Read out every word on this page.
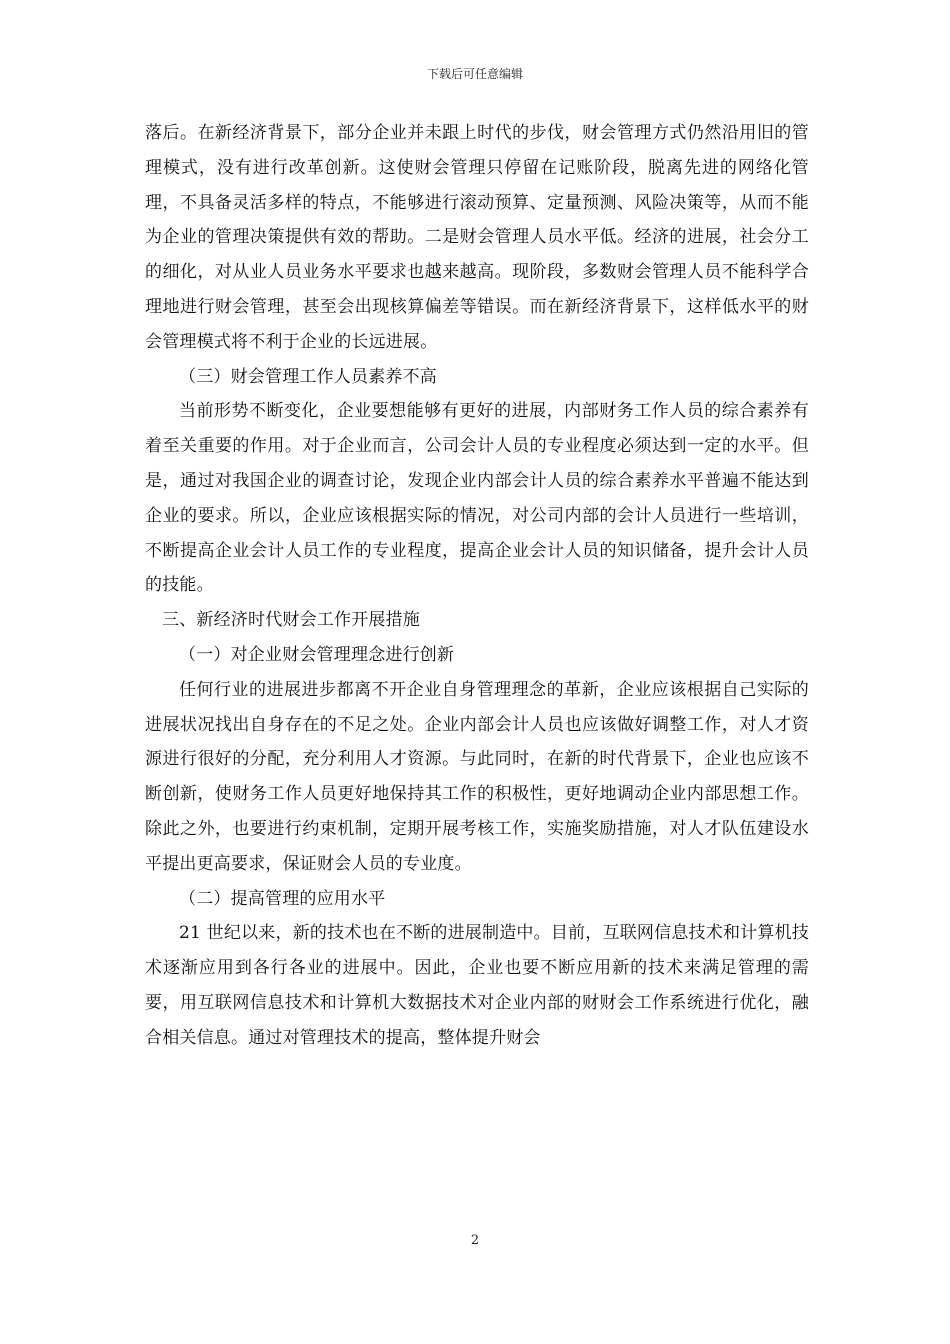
下载后可任意编辑

落后。在新经济背景下，部分企业并未跟上时代的步伐，财会管理方式仍然沿用旧的管理模式，没有进行改革创新。这使财会管理只停留在记账阶段，脱离先进的网络化管理，不具备灵活多样的特点，不能够进行滚动预算、定量预测、风险决策等，从而不能为企业的管理决策提供有效的帮助。二是财会管理人员水平低。经济的进展，社会分工的细化，对从业人员业务水平要求也越来越高。现阶段，多数财会管理人员不能科学合理地进行财会管理，甚至会出现核算偏差等错误。而在新经济背景下，这样低水平的财会管理模式将不利于企业的长远进展。

（三）财会管理工作人员素养不高

当前形势不断变化，企业要想能够有更好的进展，内部财务工作人员的综合素养有着至关重要的作用。对于企业而言，公司会计人员的专业程度必须达到一定的水平。但是，通过对我国企业的调查讨论，发现企业内部会计人员的综合素养水平普遍不能达到企业的要求。所以，企业应该根据实际的情况，对公司内部的会计人员进行一些培训，不断提高企业会计人员工作的专业程度，提高企业会计人员的知识储备，提升会计人员的技能。

三、新经济时代财会工作开展措施

（一）对企业财会管理理念进行创新

任何行业的进展进步都离不开企业自身管理理念的革新，企业应该根据自己实际的进展状况找出自身存在的不足之处。企业内部会计人员也应该做好调整工作，对人才资源进行很好的分配，充分利用人才资源。与此同时，在新的时代背景下，企业也应该不断创新，使财务工作人员更好地保持其工作的积极性，更好地调动企业内部思想工作。除此之外，也要进行约束机制，定期开展考核工作，实施奖励措施，对人才队伍建设水平提出更高要求，保证财会人员的专业度。

（二）提高管理的应用水平

21 世纪以来，新的技术也在不断的进展制造中。目前，互联网信息技术和计算机技术逐渐应用到各行各业的进展中。因此，企业也要不断应用新的技术来满足管理的需要，用互联网信息技术和计算机大数据技术对企业内部的财财会工作系统进行优化，融合相关信息。通过对管理技术的提高，整体提升财会

2
